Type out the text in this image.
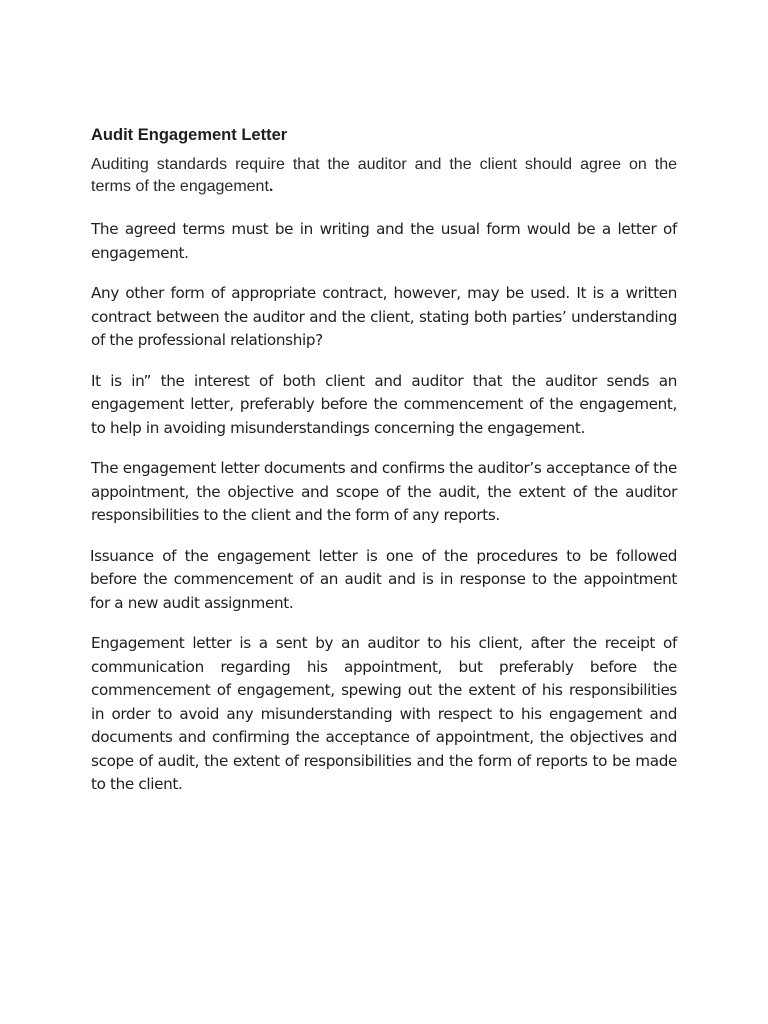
Audit Engagement Letter

Auditing standards require that the auditor and the client should agree on the terms of the engagement.

The agreed terms must be in writing and the usual form would be a letter of engagement.

Any other form of appropriate contract, however, may be used. It is a written contract between the auditor and the client, stating both parties’ understanding of the professional relationship?

It is in” the interest of both client and auditor that the auditor sends an engagement letter, preferably before the commencement of the engagement, to help in avoiding misunderstandings concerning the engagement.

The engagement letter documents and confirms the auditor’s acceptance of the appointment, the objective and scope of the audit, the extent of the auditor responsibilities to the client and the form of any reports.

Issuance of the engagement letter is one of the procedures to be followed before the commencement of an audit and is in response to the appointment for a new audit assignment.

Engagement letter is a sent by an auditor to his client, after the receipt of communication regarding his appointment, but preferably before the commencement of engagement, spewing out the extent of his responsibilities in order to avoid any misunderstanding with respect to his engagement and documents and confirming the acceptance of appointment, the objectives and scope of audit, the extent of responsibilities and the form of reports to be made to the client.
